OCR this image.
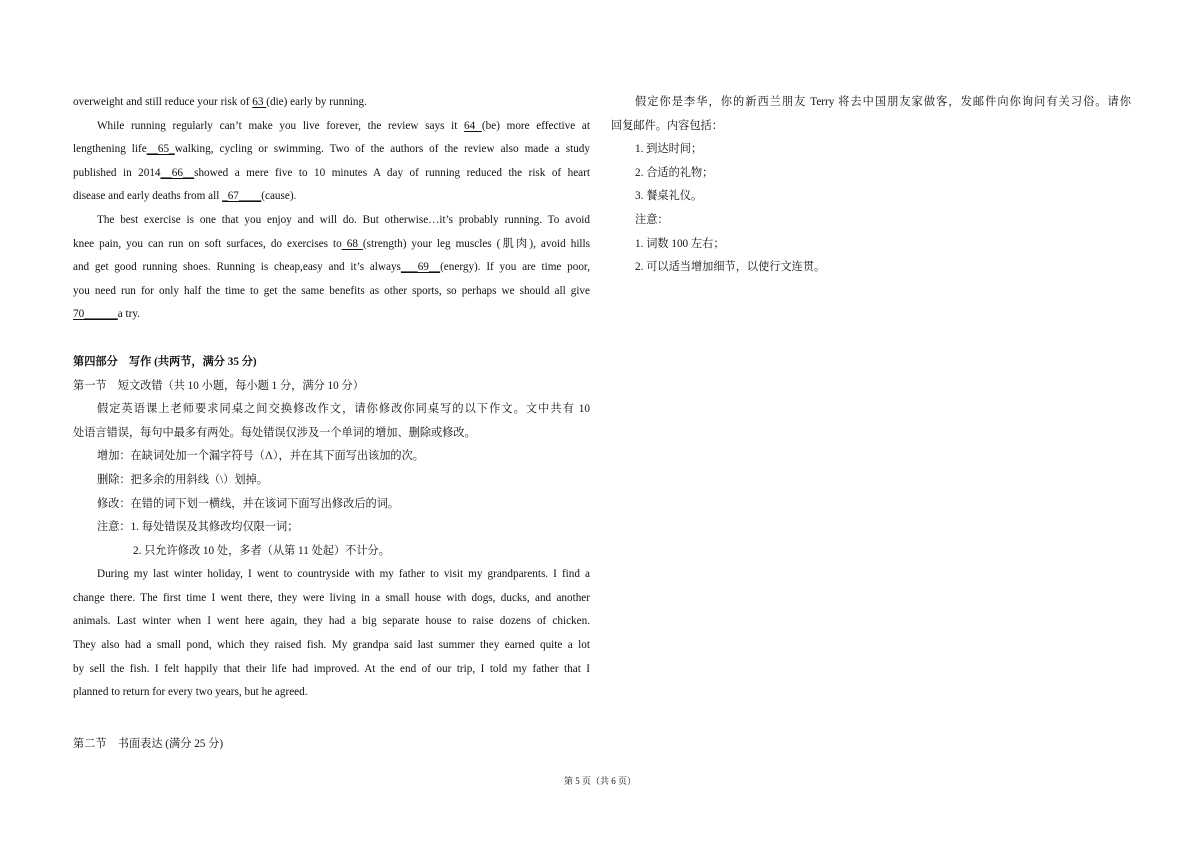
overweight and still reduce your risk of 63 (die) early by running.
While running regularly can’t make you live forever, the review says it 64 (be) more effective at
lengthening life__65_walking, cycling or swimming. Two of the authors of the review also made a study
published in 2014__66__showed a mere five to 10 minutes A day of running reduced the risk of heart
disease and early deaths from all _67____(cause).
The best exercise is one that you enjoy and will do. But otherwise…it’s probably running. To avoid
knee pain, you can run on soft surfaces, do exercises to 68 (strength) your leg muscles (肌肉), avoid hills
and get good running shoes. Running is cheap,easy and it’s always___69__(energy). If you are time poor,
you need run for only half the time to get the same benefits as other sports, so perhaps we should all give
70______a try.
第四部分　写作 (共两节，满分 35 分)
第一节　短文改错（共 10 小题，每小题 1 分，满分 10 分）
假定英语课上老师要求同桌之间交换修改作文，请你修改你同桌写的以下作文。文中共有 10
处语言错误，每句中最多有两处。每处错误仅涉及一个单词的增加、删除或修改。
增加：在缺词处加一个漏字符号（Λ），并在其下面写出该加的次。
删除：把多余的用斜线（\）划掉。
修改：在错的词下划一横线，并在该词下面写出修改后的词。
注意：1. 每处错误及其修改均仅限一词；
2. 只允许修改 10 处，多者（从第 11 处起）不计分。
During my last winter holiday, I went to countryside with my father to visit my grandparents. I find a
change there. The first time I went there, they were living in a small house with dogs, ducks, and another
animals. Last winter when I went here again, they had a big separate house to raise dozens of chicken.
They also had a small pond, which they raised fish. My grandpa said last summer they earned quite a lot
by sell the fish. I felt happily that their life had improved. At the end of our trip, I told my father that I
planned to return for every two years, but he agreed.
第二节　书面表达 (满分 25 分)
假定你是李华，你的新西兰朋友 Terry 将去中国朋友家做客，发邮件向你询问有关习俗。请你
回复邮件。内容包括：
1. 到达时间；
2. 合适的礼物；
3. 餐桌礼仪。
注意：
1. 词数 100 左右；
2. 可以适当增加细节，以使行文连贯。
第 5 页（共 6 页）
